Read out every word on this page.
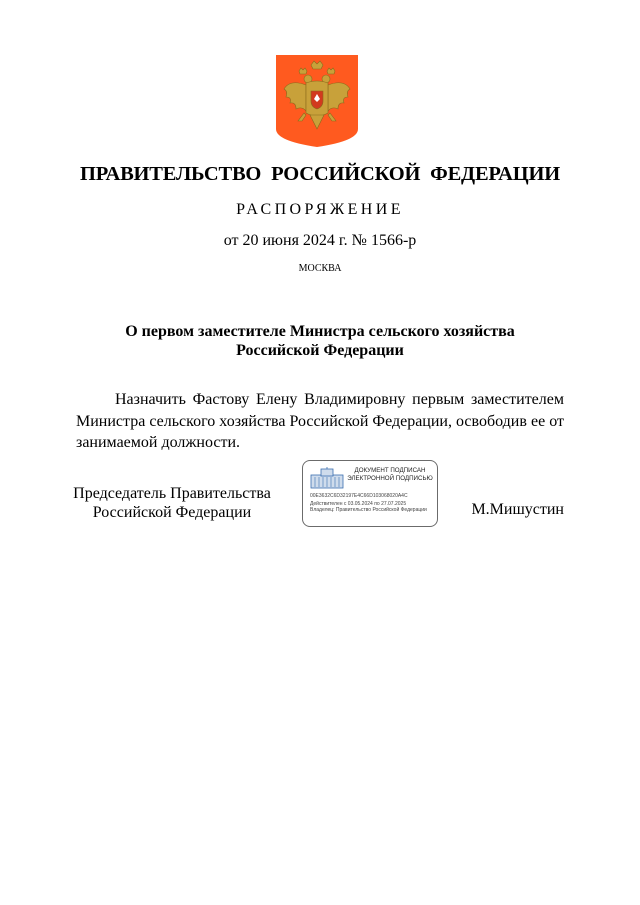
ПРАВИТЕЛЬСТВО РОССИЙСКОЙ ФЕДЕРАЦИИ
РАСПОРЯЖЕНИЕ
от 20 июня 2024 г. № 1566-р
МОСКВА
О первом заместителе Министра сельского хозяйства
Российской Федерации
Назначить Фастову Елену Владимировну первым заместителем Министра сельского хозяйства Российской Федерации, освободив ее от занимаемой должности.
Председатель Правительства
Российской Федерации
ДОКУМЕНТ ПОДПИСАН
ЭЛЕКТРОННОЙ ПОДПИСЬЮ
00E3632C6D32197E4C66D103068020A4C
Действителен с 03.05.2024 по 27.07.2025
Владелец: Правительство Российской Федерации	М.Мишустин
